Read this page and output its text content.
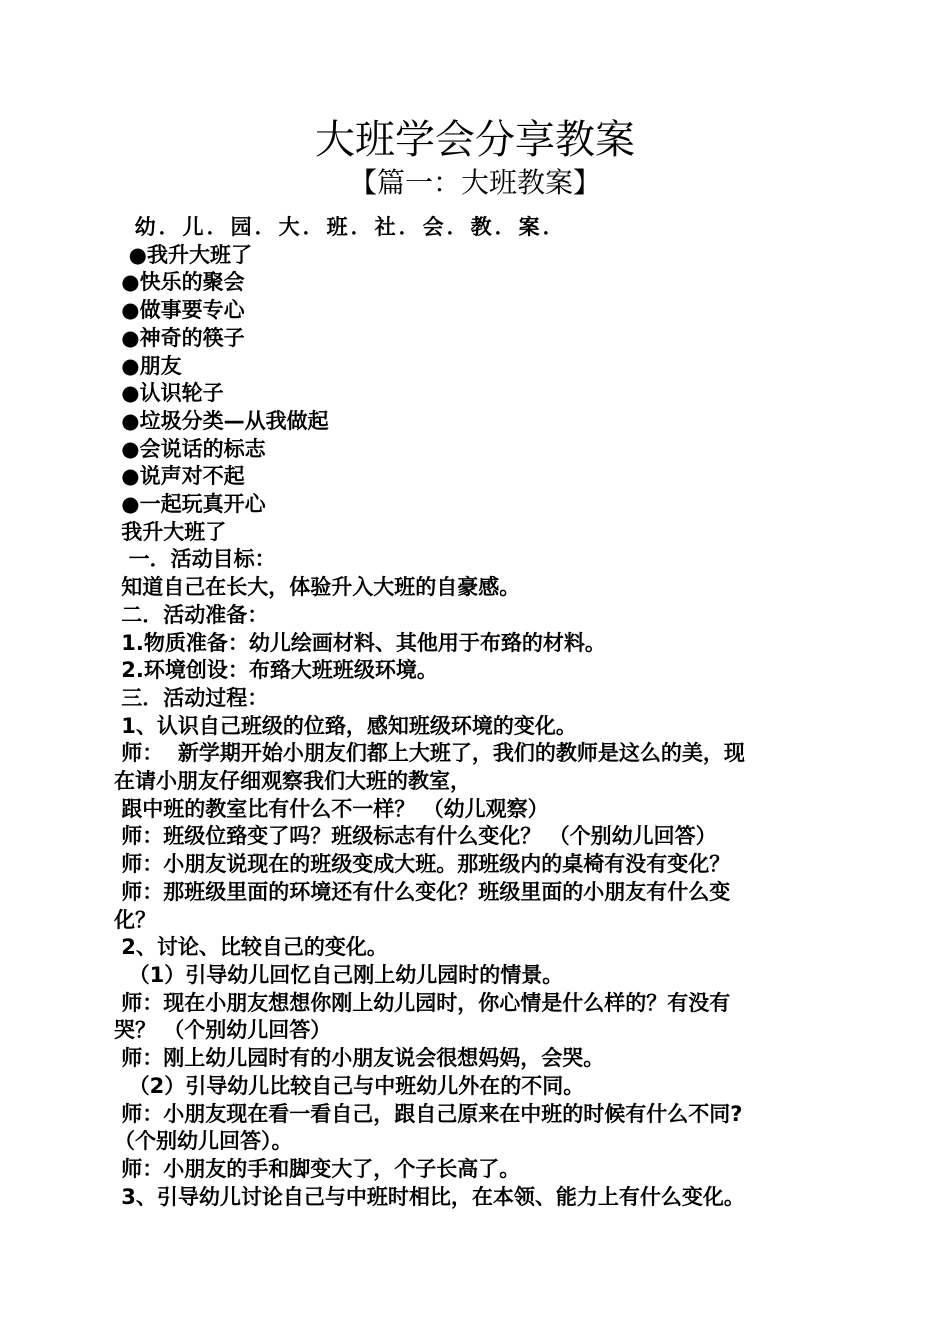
大班学会分享教案
【篇一：大班教案】
幼．儿．园．大．班．社．会．教．案．
●我升大班了
●快乐的聚会
●做事要专心
●神奇的筷子
●朋友
●认识轮子
●垃圾分类—从我做起
●会说话的标志
●说声对不起
●一起玩真开心
我升大班了
一．活动目标：
知道自己在长大，体验升入大班的自豪感。
二．活动准备：
1.物质准备：幼儿绘画材料、其他用于布臵的材料。
2.环境创设：布臵大班班级环境。
三．活动过程：
1、认识自己班级的位臵，感知班级环境的变化。
师：  新学期开始小朋友们都上大班了，我们的教师是这么的美，现
在请小朋友仔细观察我们大班的教室，
跟中班的教室比有什么不一样？ （幼儿观察）
师：班级位臵变了吗？班级标志有什么变化？ （个别幼儿回答）
师：小朋友说现在的班级变成大班。那班级内的桌椅有没有变化？
师：那班级里面的环境还有什么变化？班级里面的小朋友有什么变
化？
2、讨论、比较自己的变化。
（1）引导幼儿回忆自己刚上幼儿园时的情景。
师：现在小朋友想想你刚上幼儿园时，你心情是什么样的？有没有
哭？ （个别幼儿回答）
师：刚上幼儿园时有的小朋友说会很想妈妈，会哭。
（2）引导幼儿比较自己与中班幼儿外在的不同。
师：小朋友现在看一看自己，跟自己原来在中班的时候有什么不同?
（个别幼儿回答）。
师：小朋友的手和脚变大了，个子长高了。
3、引导幼儿讨论自己与中班时相比，在本领、能力上有什么变化。
